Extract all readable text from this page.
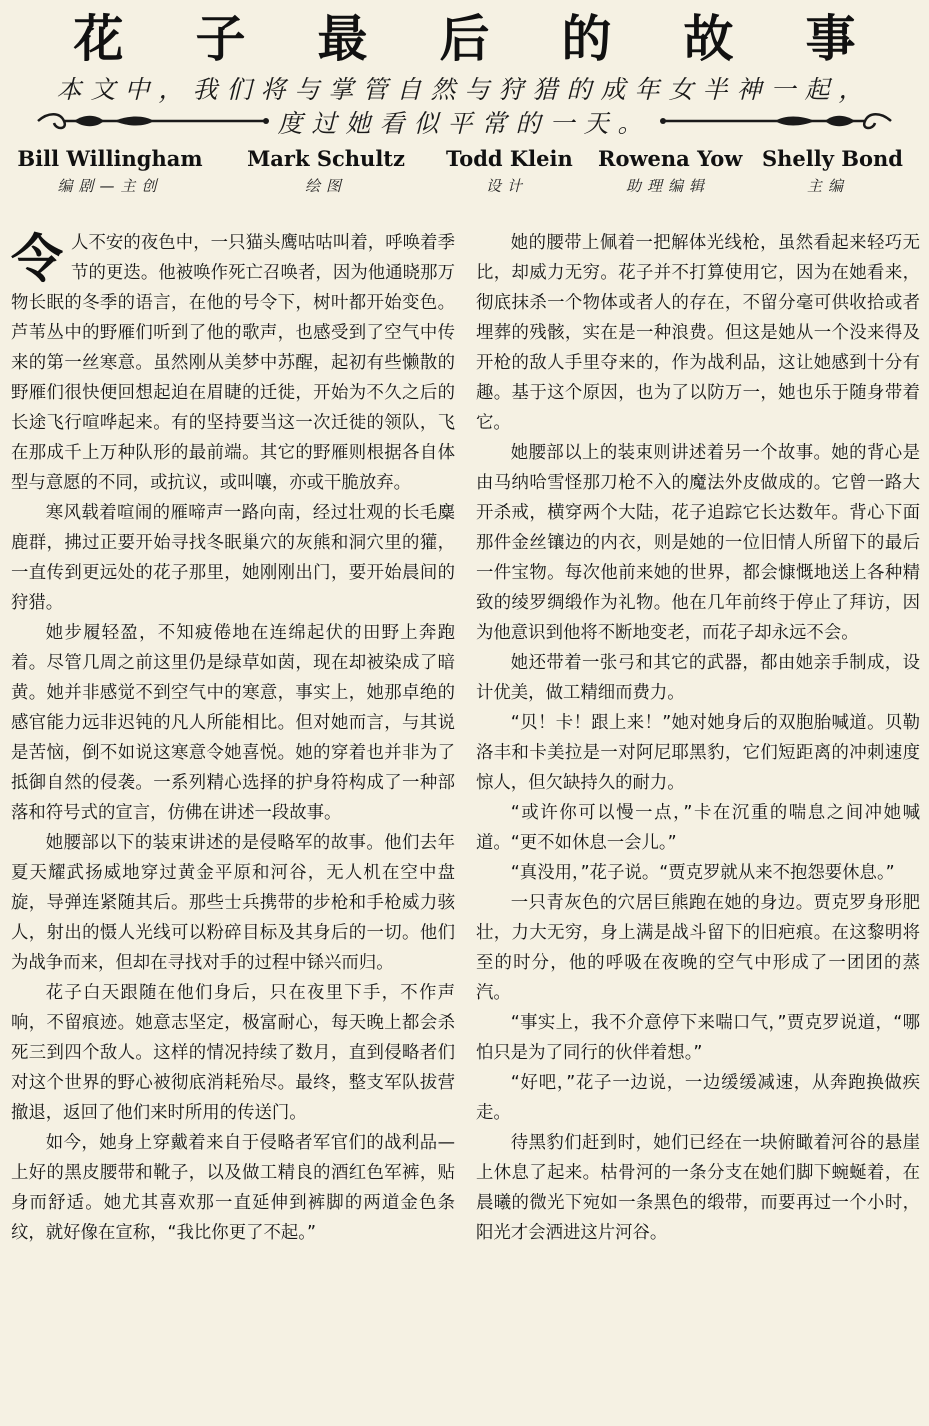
花	子	最	后	的	故	事
本文中，我们将与掌管自然与狩猎的成年女半神一起，
度过她看似平常的一天。
Bill Willingham
编剧—主创
Mark Schultz
绘图
Todd Klein
设计
Rowena Yow
助理编辑
Shelly Bond
主编

令人不安的夜色中，一只猫头鹰咕咕叫着，呼唤着季节的更迭。他被唤作死亡召唤者，因为他通晓那万物长眠的冬季的语言，在他的号令下，树叶都开始变色。芦苇丛中的野雁们听到了他的歌声，也感受到了空气中传来的第一丝寒意。虽然刚从美梦中苏醒，起初有些懒散的野雁们很快便回想起迫在眉睫的迁徙，开始为不久之后的长途飞行喧哗起来。有的坚持要当这一次迁徙的领队，飞在那成千上万种队形的最前端。其它的野雁则根据各自体型与意愿的不同，或抗议，或叫嚷，亦或干脆放弃。

寒风载着喧闹的雁啼声一路向南，经过壮观的长毛麋鹿群，拂过正要开始寻找冬眠巢穴的灰熊和洞穴里的獾，一直传到更远处的花子那里，她刚刚出门，要开始晨间的狩猎。

她步履轻盈，不知疲倦地在连绵起伏的田野上奔跑着。尽管几周之前这里仍是绿草如茵，现在却被染成了暗黄。她并非感觉不到空气中的寒意，事实上，她那卓绝的感官能力远非迟钝的凡人所能相比。但对她而言，与其说是苦恼，倒不如说这寒意令她喜悦。她的穿着也并非为了抵御自然的侵袭。一系列精心选择的护身符构成了一种部落和符号式的宣言，仿佛在讲述一段故事。

她腰部以下的装束讲述的是侵略军的故事。他们去年夏天耀武扬威地穿过黄金平原和河谷，无人机在空中盘旋，导弹连紧随其后。那些士兵携带的步枪和手枪威力骇人，射出的慑人光线可以粉碎目标及其身后的一切。他们为战争而来，但却在寻找对手的过程中铩兴而归。

花子白天跟随在他们身后，只在夜里下手，不作声响，不留痕迹。她意志坚定，极富耐心，每天晚上都会杀死三到四个敌人。这样的情况持续了数月，直到侵略者们对这个世界的野心被彻底消耗殆尽。最终，整支军队拔营撤退，返回了他们来时所用的传送门。

如今，她身上穿戴着来自于侵略者军官们的战利品—上好的黑皮腰带和靴子，以及做工精良的酒红色军裤，贴身而舒适。她尤其喜欢那一直延伸到裤脚的两道金色条纹，就好像在宣称，“我比你更了不起。”

她的腰带上佩着一把解体光线枪，虽然看起来轻巧无比，却威力无穷。花子并不打算使用它，因为在她看来，彻底抹杀一个物体或者人的存在，不留分毫可供收拾或者埋葬的残骸，实在是一种浪费。但这是她从一个没来得及开枪的敌人手里夺来的，作为战利品，这让她感到十分有趣。基于这个原因，也为了以防万一，她也乐于随身带着它。

她腰部以上的装束则讲述着另一个故事。她的背心是由马纳哈雪怪那刀枪不入的魔法外皮做成的。它曾一路大开杀戒，横穿两个大陆，花子追踪它长达数年。背心下面那件金丝镶边的内衣，则是她的一位旧情人所留下的最后一件宝物。每次他前来她的世界，都会慷慨地送上各种精致的绫罗绸缎作为礼物。他在几年前终于停止了拜访，因为他意识到他将不断地变老，而花子却永远不会。

她还带着一张弓和其它的武器，都由她亲手制成，设计优美，做工精细而费力。

“贝！卡！跟上来！”她对她身后的双胞胎喊道。贝勒洛丰和卡美拉是一对阿尼耶黑豹，它们短距离的冲刺速度惊人，但欠缺持久的耐力。

“或许你可以慢一点，”卡在沉重的喘息之间冲她喊道。“更不如休息一会儿。”

“真没用，”花子说。“贾克罗就从来不抱怨要休息。”

一只青灰色的穴居巨熊跑在她的身边。贾克罗身形肥壮，力大无穷，身上满是战斗留下的旧疤痕。在这黎明将至的时分，他的呼吸在夜晚的空气中形成了一团团的蒸汽。

“事实上，我不介意停下来喘口气，”贾克罗说道，“哪怕只是为了同行的伙伴着想。”

“好吧，”花子一边说，一边缓缓减速，从奔跑换做疾走。

待黑豹们赶到时，她们已经在一块俯瞰着河谷的悬崖上休息了起来。枯骨河的一条分支在她们脚下蜿蜒着，在晨曦的微光下宛如一条黑色的缎带，而要再过一个小时，阳光才会洒进这片河谷。
